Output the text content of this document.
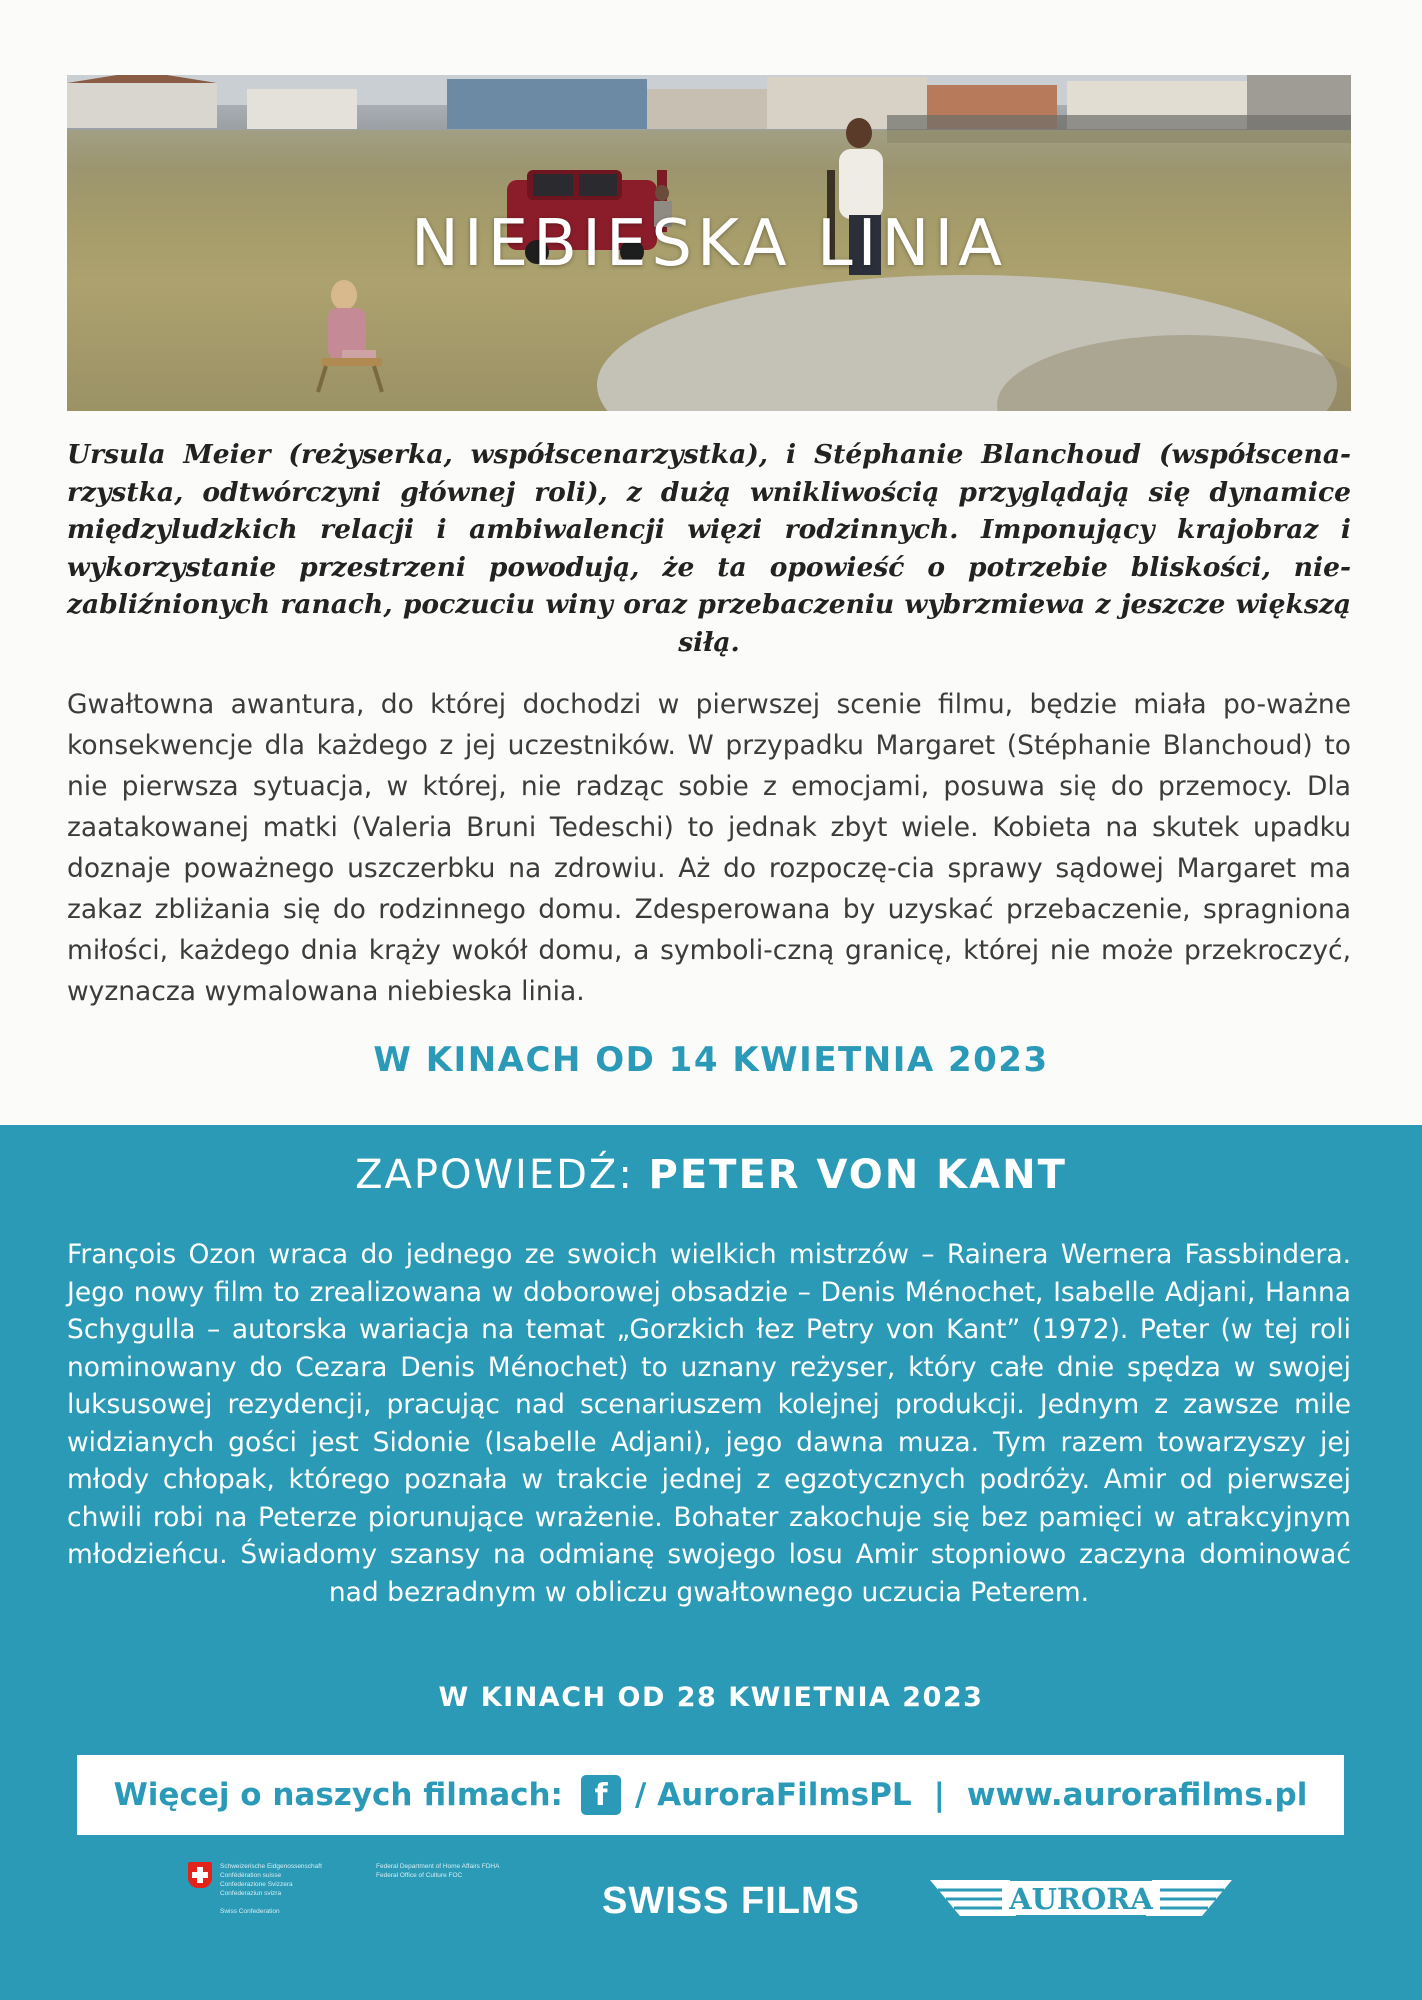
NIEBIESKA LINIA

Ursula Meier (reżyserka, współscenarzystka), i Stéphanie Blanchoud (współscena-rzystka, odtwórczyni głównej roli), z dużą wnikliwością przyglądają się dynamice międzyludzkich relacji i ambiwalencji więzi rodzinnych. Imponujący krajobraz i wykorzystanie przestrzeni powodują, że ta opowieść o potrzebie bliskości, nie-zabliźnionych ranach, poczuciu winy oraz przebaczeniu wybrzmiewa z jeszcze większą siłą.

Gwałtowna awantura, do której dochodzi w pierwszej scenie filmu, będzie miała po-ważne konsekwencje dla każdego z jej uczestników. W przypadku Margaret (Stéphanie Blanchoud) to nie pierwsza sytuacja, w której, nie radząc sobie z emocjami, posuwa się do przemocy. Dla zaatakowanej matki (Valeria Bruni Tedeschi) to jednak zbyt wiele. Kobieta na skutek upadku doznaje poważnego uszczerbku na zdrowiu. Aż do rozpoczę-cia sprawy sądowej Margaret ma zakaz zbliżania się do rodzinnego domu. Zdesperowana by uzyskać przebaczenie, spragniona miłości, każdego dnia krąży wokół domu, a symboli-czną granicę, której nie może przekroczyć, wyznacza wymalowana niebieska linia.

W KINACH OD 14 KWIETNIA 2023
ZAPOWIEDŹ: PETER VON KANT

François Ozon wraca do jednego ze swoich wielkich mistrzów – Rainera Wernera Fassbindera. Jego nowy film to zrealizowana w doborowej obsadzie – Denis Ménochet, Isabelle Adjani, Hanna Schygulla – autorska wariacja na temat „Gorzkich łez Petry von Kant” (1972). Peter (w tej roli nominowany do Cezara Denis Ménochet) to uznany reżyser, który całe dnie spędza w swojej luksusowej rezydencji, pracując nad scenariuszem kolejnej produkcji. Jednym z zawsze mile widzianych gości jest Sidonie (Isabelle Adjani), jego dawna muza. Tym razem towarzyszy jej młody chłopak, którego poznała w trakcie jednej z egzotycznych podróży. Amir od pierwszej chwili robi na Peterze piorunujące wrażenie. Bohater zakochuje się bez pamięci w atrakcyjnym młodzieńcu. Świadomy szansy na odmianę swojego losu Amir stopniowo zaczyna dominować nad bezradnym w obliczu gwałtownego uczucia Peterem.

W KINACH OD 28 KWIETNIA 2023
Więcej o naszych filmach:	f / AuroraFilmsPL | www.aurorafilms.pl
Schweizerische Eidgenossenschaft
Confédération suisse
Confederazione Svizzera
Confederaziun svizra
Swiss Confederation
Federal Department of Home Affairs FDHA
Federal Office of Culture FOC
SWISS FILMS	AURORA
